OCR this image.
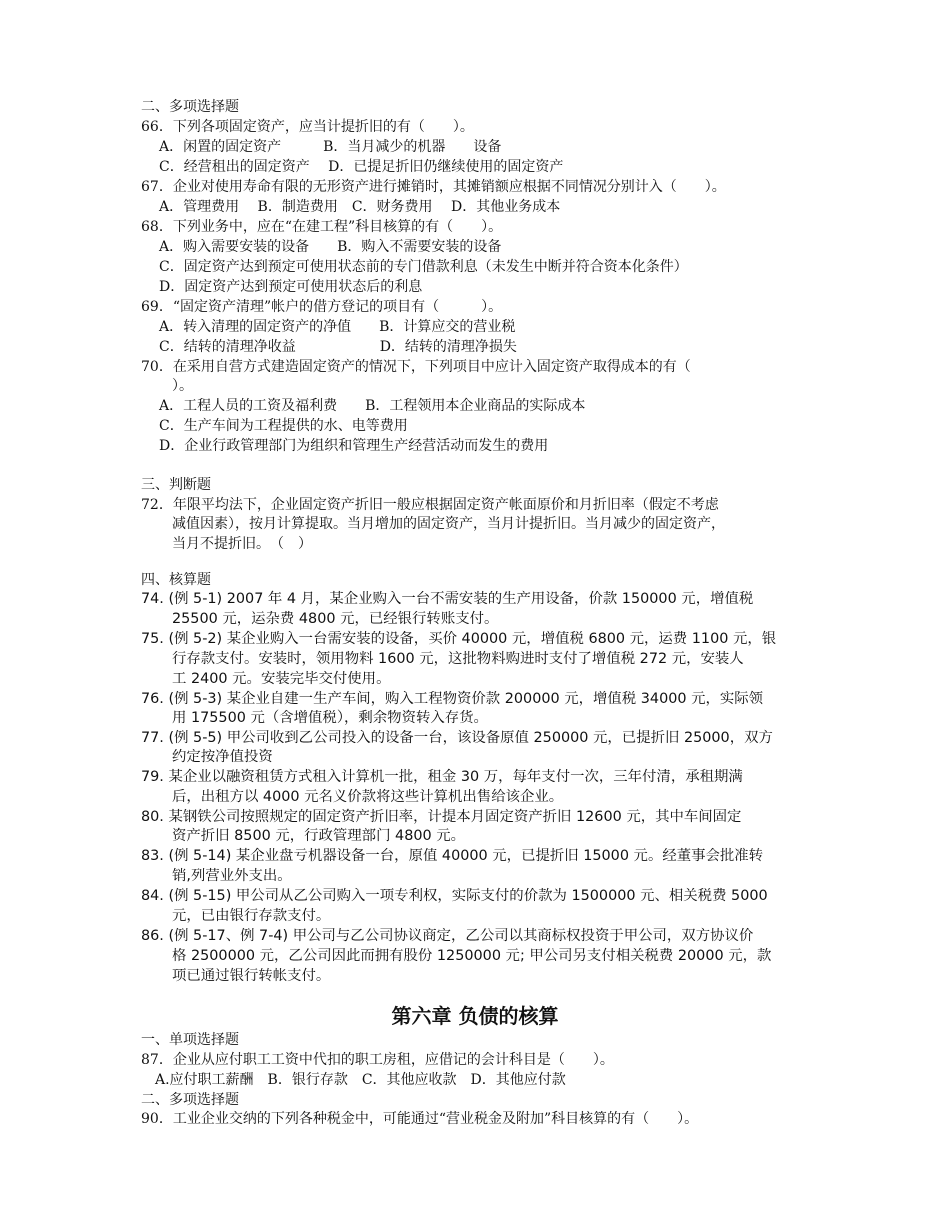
二、多项选择题
66．下列各项固定资产，应当计提折旧的有（　　）。
A．闲置的固定资产　　　B．当月减少的机器　　设备
C．经营租出的固定资产　 D．已提足折旧仍继续使用的固定资产
67．企业对使用寿命有限的无形资产进行摊销时，其摊销额应根据不同情况分别计入（　　）。
A．管理费用　 B．制造费用　C．财务费用　 D．其他业务成本
68．下列业务中，应在“在建工程”科目核算的有（　　）。
A．购入需要安装的设备　　B．购入不需要安装的设备
C．固定资产达到预定可使用状态前的专门借款利息（未发生中断并符合资本化条件）
D．固定资产达到预定可使用状态后的利息
69．“固定资产清理”帐户的借方登记的项目有（　　　）。
A．转入清理的固定资产的净值　　B．计算应交的营业税
C．结转的清理净收益　　　　　　D．结转的清理净损失
70．在采用自营方式建造固定资产的情况下，下列项目中应计入固定资产取得成本的有（
）。
A．工程人员的工资及福利费　　B．工程领用本企业商品的实际成本
C．生产车间为工程提供的水、电等费用
D．企业行政管理部门为组织和管理生产经营活动而发生的费用
三、判断题
72．年限平均法下，企业固定资产折旧一般应根据固定资产帐面原价和月折旧率（假定不考虑
减值因素），按月计算提取。当月增加的固定资产，当月计提折旧。当月减少的固定资产，
当月不提折旧。　（　）
四、核算题
74. (例 5-1) 2007 年 4 月，某企业购入一台不需安装的生产用设备，价款 150000 元，增值税
25500 元，运杂费 4800 元，已经银行转账支付。
75. (例 5-2) 某企业购入一台需安装的设备，买价 40000 元，增值税 6800 元，运费 1100 元，银
行存款支付。安装时，领用物料 1600 元，这批物料购进时支付了增值税 272 元，安装人
工 2400 元。安装完毕交付使用。
76. (例 5-3) 某企业自建一生产车间，购入工程物资价款 200000 元，增值税 34000 元，实际领
用 175500 元（含增值税），剩余物资转入存货。
77. (例 5-5) 甲公司收到乙公司投入的设备一台，该设备原值 250000 元，已提折旧 25000，双方
约定按净值投资
79. 某企业以融资租赁方式租入计算机一批，租金 30 万，每年支付一次，三年付清，承租期满
后，出租方以 4000 元名义价款将这些计算机出售给该企业。
80. 某钢铁公司按照规定的固定资产折旧率，计提本月固定资产折旧 12600 元，其中车间固定
资产折旧 8500 元，行政管理部门 4800 元。
83. (例 5-14) 某企业盘亏机器设备一台，原值 40000 元，已提折旧 15000 元。经董事会批准转
销,列营业外支出。
84. (例 5-15) 甲公司从乙公司购入一项专利权，实际支付的价款为 1500000 元、相关税费 5000
元，已由银行存款支付。
86. (例 5-17、例 7-4) 甲公司与乙公司协议商定，乙公司以其商标权投资于甲公司，双方协议价
格 2500000 元，乙公司因此而拥有股份 1250000 元; 甲公司另支付相关税费 20000 元，款
项已通过银行转帐支付。
第六章 负债的核算
一、单项选择题
87．企业从应付职工工资中代扣的职工房租，应借记的会计科目是（　　）。
A.应付职工薪酬　B．银行存款　C．其他应收款　D．其他应付款
二、多项选择题
90．工业企业交纳的下列各种税金中，可能通过“营业税金及附加”科目核算的有（　　）。
